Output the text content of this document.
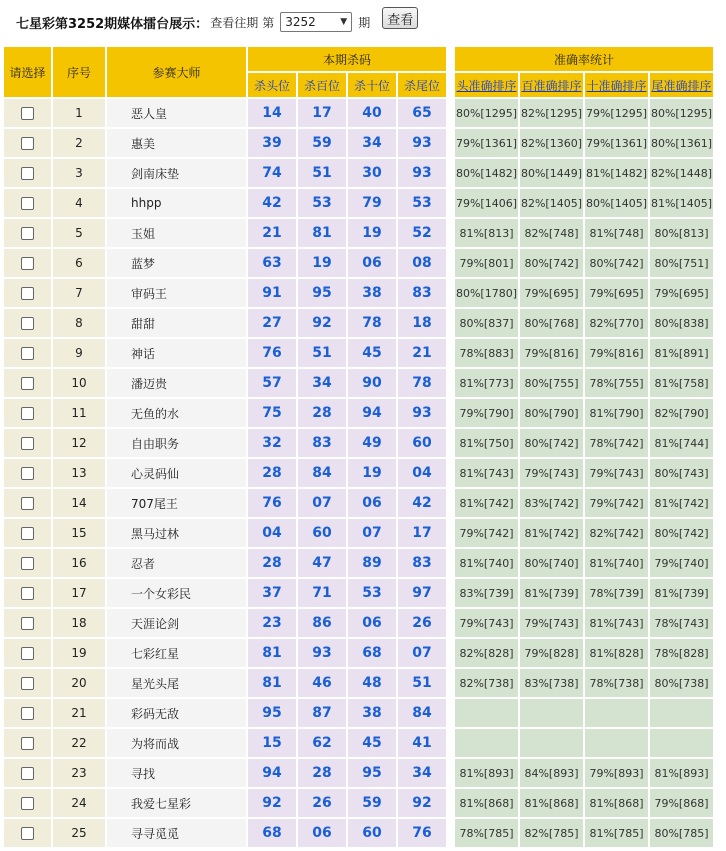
七星彩第3252期媒体擂台展示： 查看往期 第 3252	▼ 期	查看
请选择	序号	参赛大师	本期杀码					准确率统计			
			杀头位	杀百位	杀十位	杀尾位		头准确排序	百准确排序	十准确排序	尾准确排序
	1	恶人皇	14	17	40	65		80%[1295]	82%[1295]	79%[1295]	80%[1295]
	2	惠美	39	59	34	93		79%[1361]	82%[1360]	79%[1361]	80%[1361]
	3	剑南床垫	74	51	30	93		80%[1482]	80%[1449]	81%[1482]	82%[1448]
	4	hhpp	42	53	79	53		79%[1406]	82%[1405]	80%[1405]	81%[1405]
	5	玉姐	21	81	19	52		81%[813]	82%[748]	81%[748]	80%[813]
	6	蓝梦	63	19	06	08		79%[801]	80%[742]	80%[742]	80%[751]
	7	审码王	91	95	38	83		80%[1780]	79%[695]	79%[695]	79%[695]
	8	甜甜	27	92	78	18		80%[837]	80%[768]	82%[770]	80%[838]
	9	神话	76	51	45	21		78%[883]	79%[816]	79%[816]	81%[891]
	10	潘迈贵	57	34	90	78		81%[773]	80%[755]	78%[755]	81%[758]
	11	无鱼的水	75	28	94	93		79%[790]	80%[790]	81%[790]	82%[790]
	12	自由职务	32	83	49	60		81%[750]	80%[742]	78%[742]	81%[744]
	13	心灵码仙	28	84	19	04		81%[743]	79%[743]	79%[743]	80%[743]
	14	707尾王	76	07	06	42		81%[742]	83%[742]	79%[742]	81%[742]
	15	黑马过林	04	60	07	17		79%[742]	81%[742]	82%[742]	80%[742]
	16	忍者	28	47	89	83		81%[740]	80%[740]	81%[740]	79%[740]
	17	一个女彩民	37	71	53	97		83%[739]	81%[739]	78%[739]	81%[739]
	18	天涯论剑	23	86	06	26		79%[743]	79%[743]	81%[743]	78%[743]
	19	七彩红星	81	93	68	07		82%[828]	79%[828]	81%[828]	78%[828]
	20	星光头尾	81	46	48	51		82%[738]	83%[738]	78%[738]	80%[738]
	21	彩码无敌	95	87	38	84					
	22	为将而战	15	62	45	41					
	23	寻找	94	28	95	34		81%[893]	84%[893]	79%[893]	81%[893]
	24	我爱七星彩	92	26	59	92		81%[868]	81%[868]	81%[868]	79%[868]
	25	寻寻觅觅	68	06	60	76		78%[785]	82%[785]	81%[785]	80%[785]
